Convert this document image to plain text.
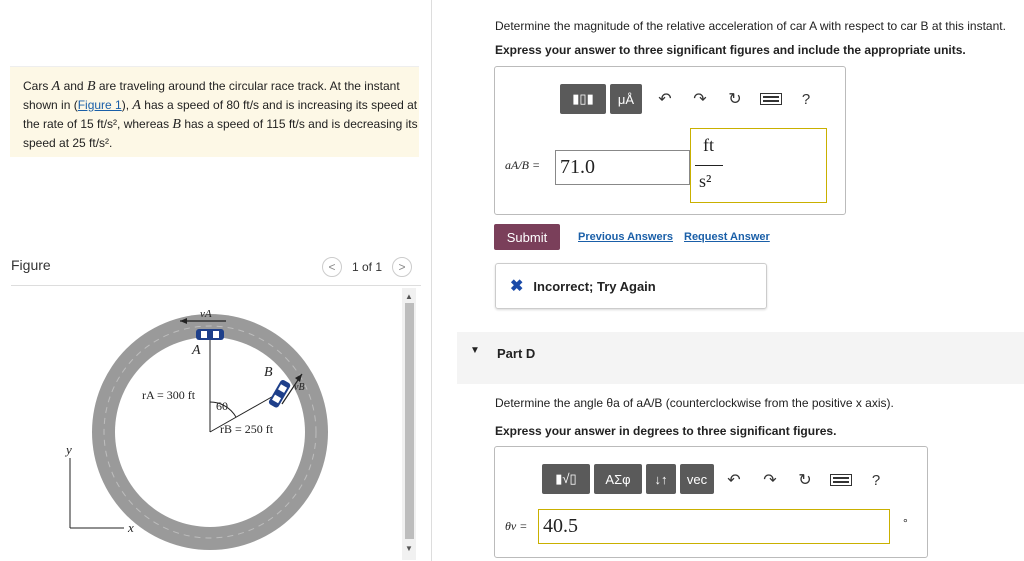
Cars A and B are traveling around the circular race track. At the instant shown in (Figure 1), A has a speed of 80 ft/s and is increasing its speed at the rate of 15 ft/s², whereas B has a speed of 115 ft/s and is decreasing its speed at 25 ft/s².
Figure	<	1 of 1	>
vA
A
B
vB
rA = 300 ft
60
rB = 250 ft
y
x
▲
▼
Determine the magnitude of the relative acceleration of car A with respect to car B at this instant.
Express your answer to three significant figures and include the appropriate units.
▮▯▮ μÅ ↶ ↷ ↻	?
aA/B = 71.0
ft
s²
Submit	Previous Answers Request Answer
✖ Incorrect; Try Again
▼ Part D
Determine the angle θa of aA/B (counterclockwise from the positive x axis).
Express your answer in degrees to three significant figures.
▮√▯	ΑΣφ	↓↑	vec	↶ ↷ ↻	?
θv = 40.5	°
